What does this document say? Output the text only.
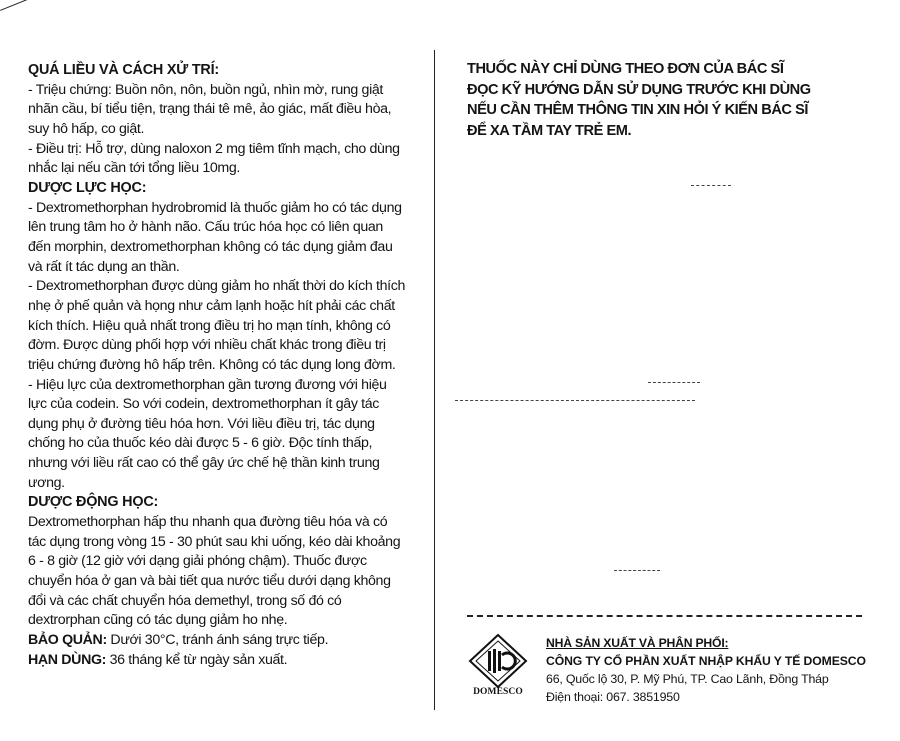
QUÁ LIỀU VÀ CÁCH XỬ TRÍ:

- Triệu chứng: Buồn nôn, nôn, buồn ngủ, nhìn mờ, rung giật nhãn cầu, bí tiểu tiện, trạng thái tê mê, ảo giác, mất điều hòa, suy hô hấp, co giật.

- Điều trị: Hỗ trợ, dùng naloxon 2 mg tiêm tĩnh mạch, cho dùng nhắc lại nếu cần tới tổng liều 10mg.

DƯỢC LỰC HỌC:

- Dextromethorphan hydrobromid là thuốc giảm ho có tác dụng lên trung tâm ho ở hành não. Cấu trúc hóa học có liên quan đến morphin, dextromethorphan không có tác dụng giảm đau và rất ít tác dụng an thần.

- Dextromethorphan được dùng giảm ho nhất thời do kích thích nhẹ ở phế quản và họng như cảm lạnh hoặc hít phải các chất kích thích. Hiệu quả nhất trong điều trị ho mạn tính, không có đờm. Được dùng phối hợp với nhiều chất khác trong điều trị triệu chứng đường hô hấp trên. Không có tác dụng long đờm.

- Hiệu lực của dextromethorphan gần tương đương với hiệu lực của codein. So với codein, dextromethorphan ít gây tác dụng phụ ở đường tiêu hóa hơn. Với liều điều trị, tác dụng chống ho của thuốc kéo dài được 5 - 6 giờ. Độc tính thấp, nhưng với liều rất cao có thể gây ức chế hệ thần kinh trung ương.

DƯỢC ĐỘNG HỌC:

Dextromethorphan hấp thu nhanh qua đường tiêu hóa và có tác dụng trong vòng 15 - 30 phút sau khi uống, kéo dài khoảng 6 - 8 giờ (12 giờ với dạng giải phóng chậm). Thuốc được chuyển hóa ở gan và bài tiết qua nước tiểu dưới dạng không đổi và các chất chuyển hóa demethyl, trong số đó có dextrorphan cũng có tác dụng giảm ho nhẹ.

BẢO QUẢN: Dưới 30°C, tránh ánh sáng trực tiếp.

HẠN DÙNG: 36 tháng kể từ ngày sản xuất.

THUỐC NÀY CHỈ DÙNG THEO ĐƠN CỦA BÁC SĨ
ĐỌC KỸ HƯỚNG DẪN SỬ DỤNG TRƯỚC KHI DÙNG
NẾU CẦN THÊM THÔNG TIN XIN HỎI Ý KIẾN BÁC SĨ
ĐỂ XA TẦM TAY TRẺ EM.
DOMESCO
NHÀ SẢN XUẤT VÀ PHÂN PHỐI:
CÔNG TY CỔ PHẦN XUẤT NHẬP KHẨU Y TẾ DOMESCO
66, Quốc lộ 30, P. Mỹ Phú, TP. Cao Lãnh, Đồng Tháp
Điện thoại: 067. 3851950
